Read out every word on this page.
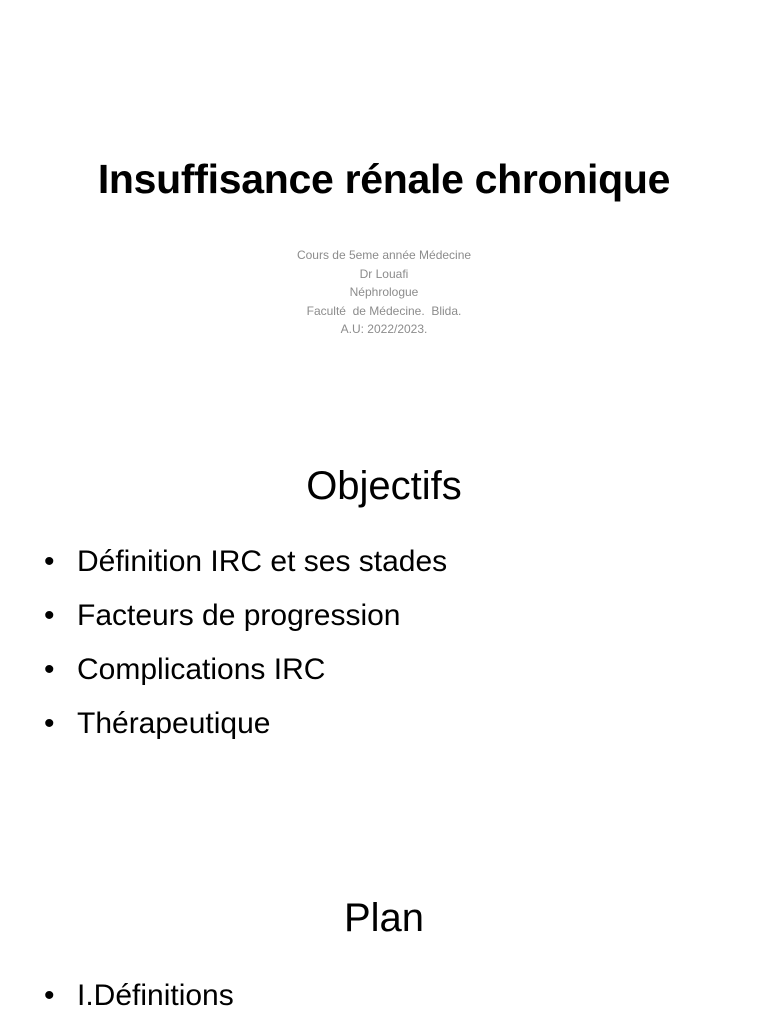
Insuffisance rénale chronique
Cours de 5eme année Médecine
Dr Louafi
Néphrologue
Faculté  de Médecine.  Blida.
A.U: 2022/2023.
Objectifs
• Définition IRC et ses stades
• Facteurs de progression
• Complications IRC
• Thérapeutique
Plan
• I.Définitions
